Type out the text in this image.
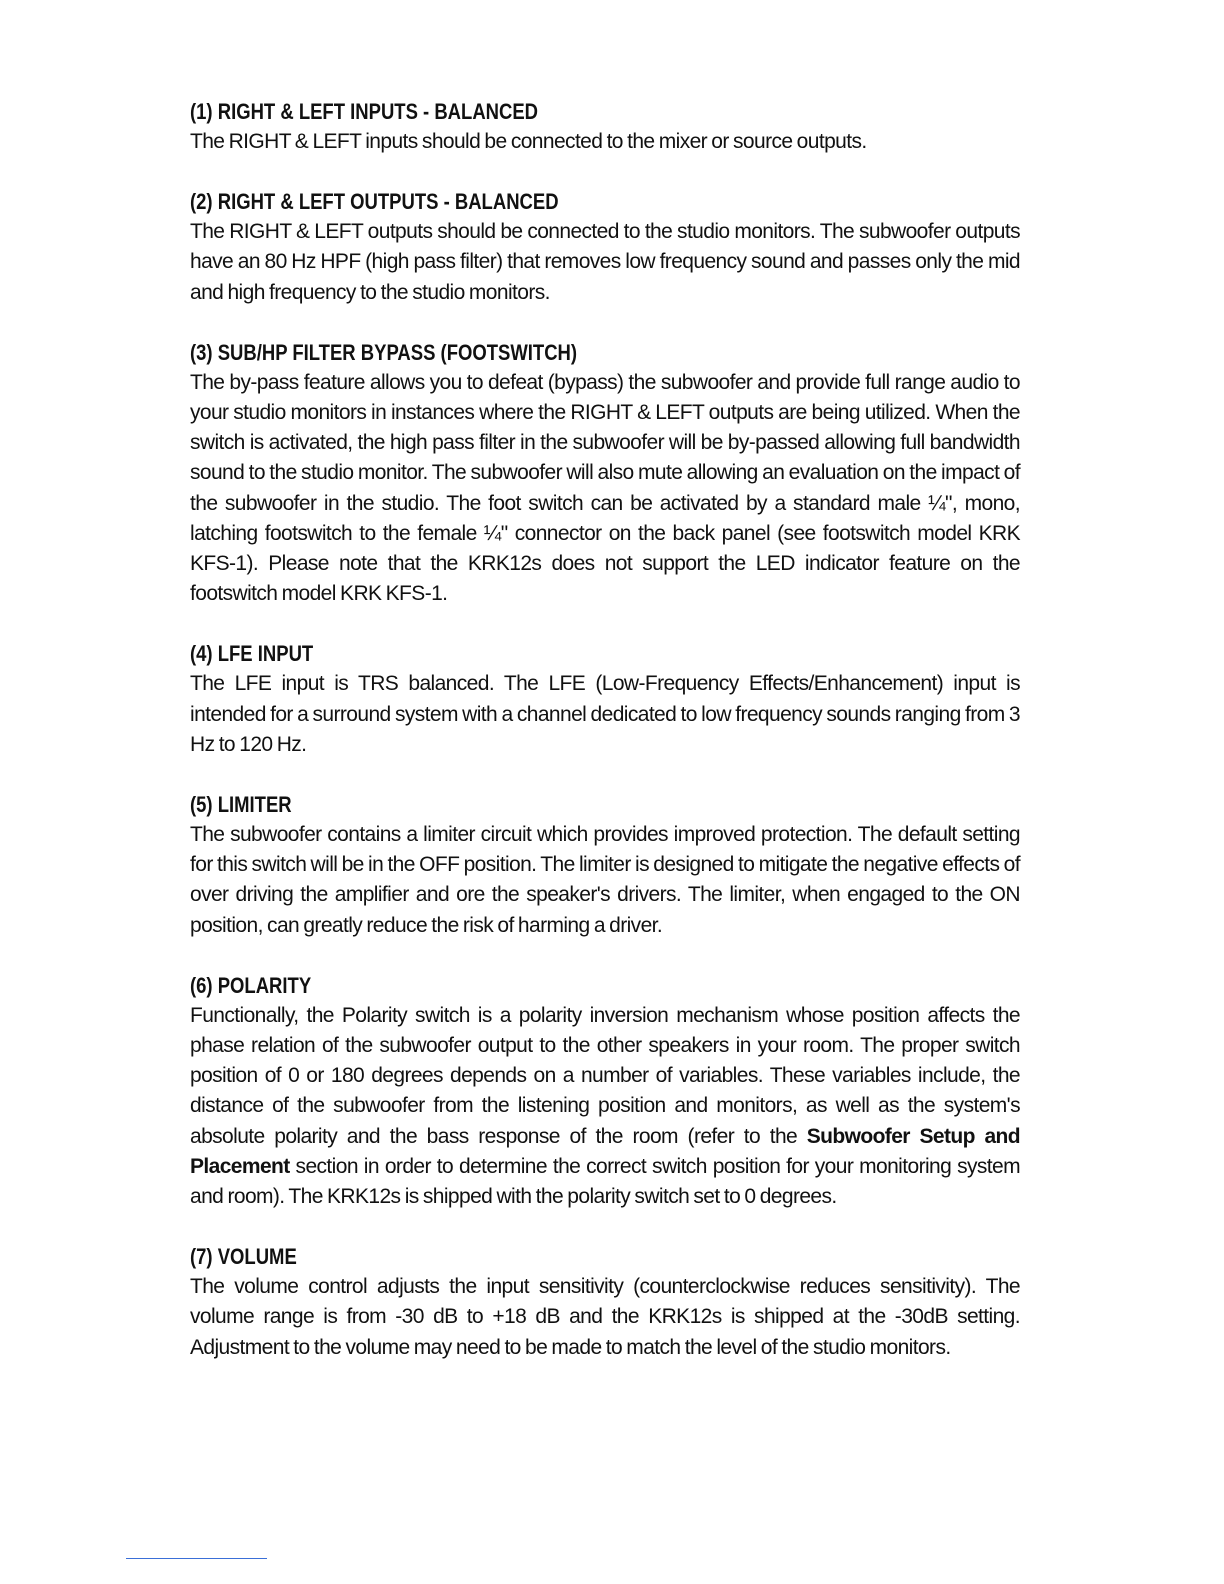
(1) RIGHT & LEFT INPUTS - BALANCED

The RIGHT & LEFT inputs should be connected to the mixer or source outputs.

(2) RIGHT & LEFT OUTPUTS - BALANCED

The RIGHT & LEFT outputs should be connected to the studio monitors. The subwoofer outputs have an 80 Hz HPF (high pass filter) that removes low frequency sound and passes only the mid and high frequency to the studio monitors.

(3) SUB/HP FILTER BYPASS (FOOTSWITCH)

The by-pass feature allows you to defeat (bypass) the subwoofer and provide full range audio to your studio monitors in instances where the RIGHT & LEFT outputs are being utilized. When the switch is activated, the high pass filter in the subwoofer will be by-passed allowing full bandwidth sound to the studio monitor. The subwoofer will also mute allowing an evaluation on the impact of the subwoofer in the studio. The foot switch can be activated by a standard male ¼", mono, latching footswitch to the female ¼" connector on the back panel (see footswitch model KRK KFS-1). Please note that the KRK12s does not support the LED indicator feature on the footswitch model KRK KFS-1.

(4) LFE INPUT

The LFE input is TRS balanced. The LFE (Low-Frequency Effects/Enhancement) input is intended for a surround system with a channel dedicated to low frequency sounds ranging from 3 Hz to 120 Hz.

(5) LIMITER

The subwoofer contains a limiter circuit which provides improved protection. The default setting for this switch will be in the OFF position. The limiter is designed to mitigate the negative effects of over driving the amplifier and ore the speaker's drivers. The limiter, when engaged to the ON position, can greatly reduce the risk of harming a driver.

(6) POLARITY

Functionally, the Polarity switch is a polarity inversion mechanism whose position affects the phase relation of the subwoofer output to the other speakers in your room. The proper switch position of 0 or 180 degrees depends on a number of variables. These variables include, the distance of the subwoofer from the listening position and monitors, as well as the system's absolute polarity and the bass response of the room (refer to the Subwoofer Setup and Placement section in order to determine the correct switch position for your monitoring system and room). The KRK12s is shipped with the polarity switch set to 0 degrees.

(7) VOLUME

The volume control adjusts the input sensitivity (counterclockwise reduces sensitivity). The volume range is from -30 dB to +18 dB and the KRK12s is shipped at the -30dB setting. Adjustment to the volume may need to be made to match the level of the studio monitors.
